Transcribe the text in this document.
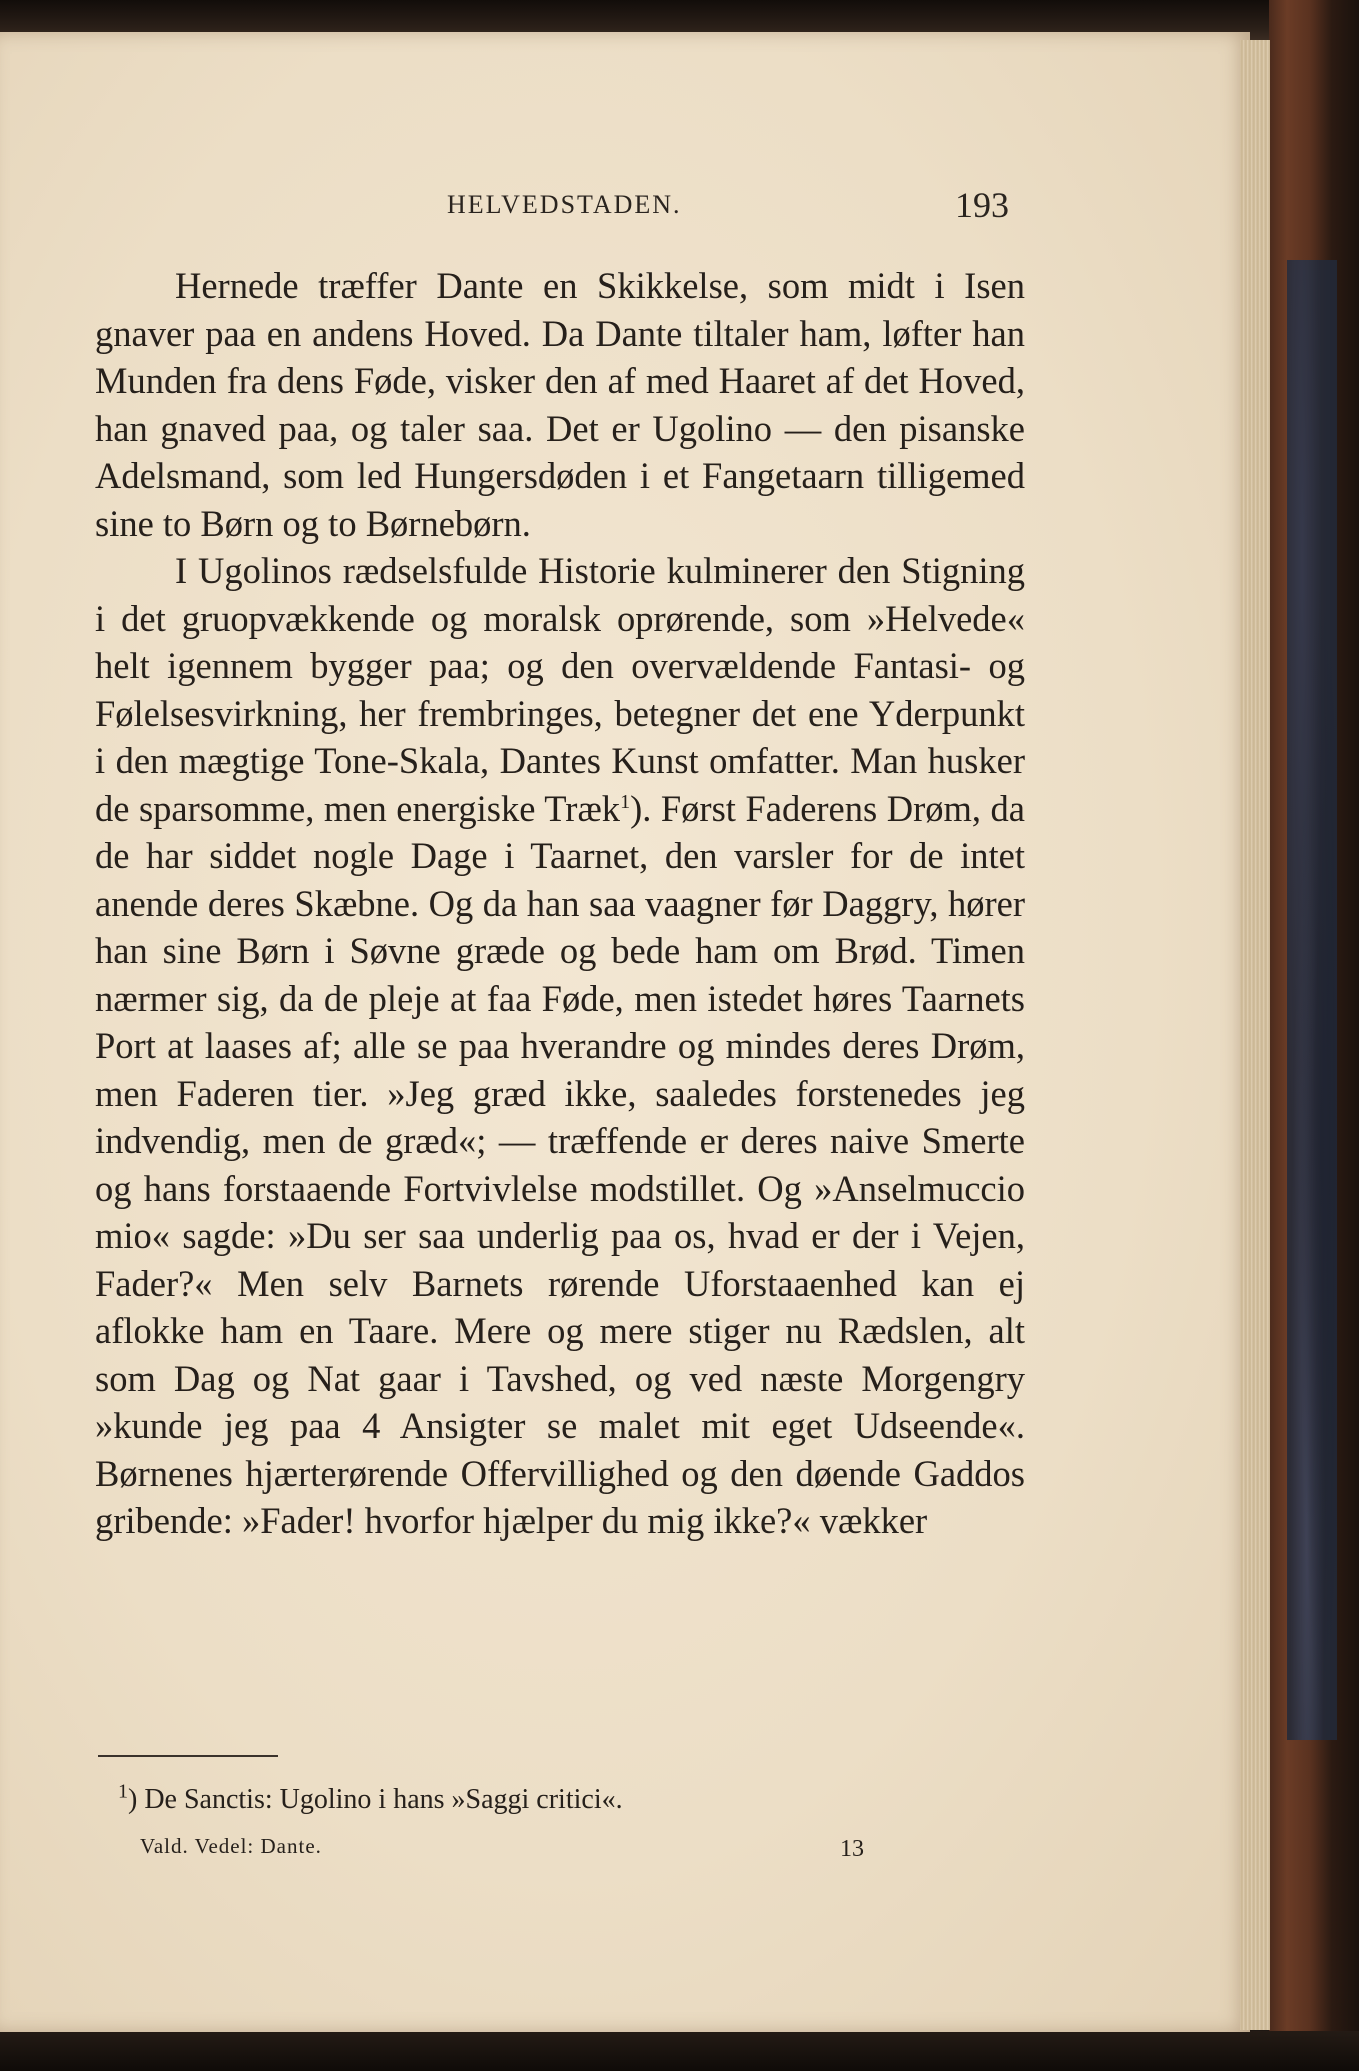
HELVEDSTADEN.	193

Hernede træffer Dante en Skikkelse, som midt i Isen gnaver paa en andens Hoved. Da Dante tiltaler ham, løfter han Munden fra dens Føde, visker den af med Haaret af det Hoved, han gnaved paa, og taler saa. Det er Ugolino — den pisanske Adelsmand, som led Hungersdøden i et Fangetaarn tilligemed sine to Børn og to Børnebørn.

I Ugolinos rædselsfulde Historie kulminerer den Stigning i det gruopvækkende og moralsk oprørende, som »Helvede« helt igennem bygger paa; og den overvældende Fantasi- og Følelsesvirkning, her frembringes, betegner det ene Yderpunkt i den mægtige Tone-Skala, Dantes Kunst omfatter. Man husker de sparsomme, men energiske Træk$^1$). Først Faderens Drøm, da de har siddet nogle Dage i Taarnet, den varsler for de intet anende deres Skæbne. Og da han saa vaagner før Daggry, hører han sine Børn i Søvne græde og bede ham om Brød. Timen nærmer sig, da de pleje at faa Føde, men istedet høres Taarnets Port at laases af; alle se paa hverandre og mindes deres Drøm, men Faderen tier. »Jeg græd ikke, saaledes forstenedes jeg indvendig, men de græd«; — træffende er deres naive Smerte og hans forstaaende Fortvivlelse modstillet. Og »Anselmuccio mio« sagde: »Du ser saa underlig paa os, hvad er der i Vejen, Fader?« Men selv Barnets rørende Uforstaaenhed kan ej aflokke ham en Taare. Mere og mere stiger nu Rædslen, alt som Dag og Nat gaar i Tavshed, og ved næste Morgengry »kunde jeg paa 4 Ansigter se malet mit eget Udseende«. Børnenes hjærterørende Offervillighed og den døende Gaddos gribende: »Fader! hvorfor hjælper du mig ikke?« vækker

$^1$) De Sanctis: Ugolino i hans »Saggi critici«.
Vald. Vedel: Dante.	13
